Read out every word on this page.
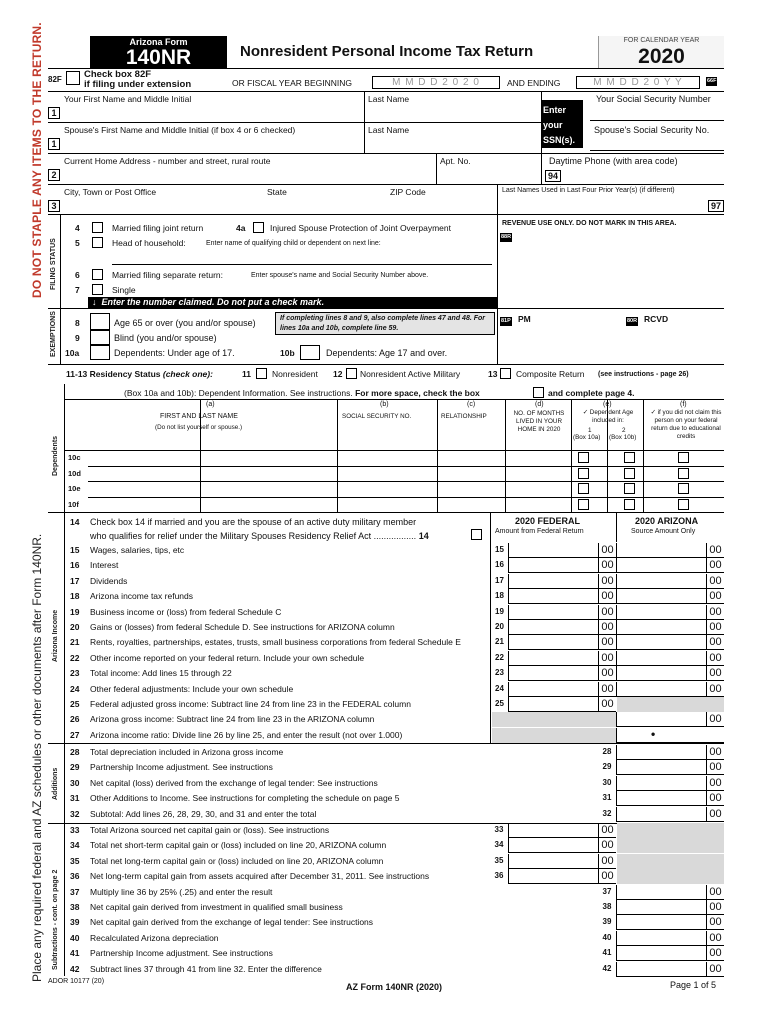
DO NOT STAPLE ANY ITEMS TO THE RETURN.
Place any required federal and AZ schedules or other documents after Form 140NR.
Arizona Form
140NR	Nonresident Personal Income Tax Return
FOR CALENDAR YEAR
2020
82F Check box 82F
if filing under extension	OR FISCAL YEAR BEGINNING	M M D D 2 0 2 0	AND ENDING	M M D D 2 0 Y Y	66F
Your First Name and Middle Initial	Last Name
Enter your SSN(s).
Your Social Security Number
1
Spouse's First Name and Middle Initial (if box 4 or 6 checked)	Last Name	Spouse's Social Security No.
1
Current Home Address - number and street, rural route	Apt. No.	Daytime Phone (with area code)
94
2
City, Town or Post Office	State	ZIP Code	Last Names Used in Last Four Prior Year(s) (if different)
97
3
FILING STATUS
4	Married filing joint return	4a	Injured Spouse Protection of Joint Overpayment
5	Head of household:	Enter name of qualifying child or dependent on next line:
6	Married filing separate return:	Enter spouse's name and Social Security Number above.
7	Single
REVENUE USE ONLY. DO NOT MARK IN THIS AREA.
88R
↓  Enter the number claimed. Do not put a check mark.
EXEMPTIONS 8	Age 65 or over (you and/or spouse)
9	Blind (you and/or spouse)
10a	Dependents: Under age of 17.	10b	Dependents: Age 17 and over.
If completing lines 8 and 9, also complete lines 47 and 48. For lines 10a and 10b, complete line 59.
81P PM	80R RCVD
11-13 Residency Status (check one):	11 Nonresident 12 Nonresident Active Military	13 Composite Return (see instructions - page 26)
Dependents
(Box 10a and 10b): Dependent Information. See instructions. For more space, check the box	and complete page 4.
(a)
FIRST AND LAST NAME
(Do not list yourself or spouse.)
(b)
SOCIAL SECURITY NO.
(c)
RELATIONSHIP
(d)
NO. OF MONTHS LIVED IN YOUR HOME IN 2020
(e)
✓ Dependent Age included in:
1	2
(Box 10a) (Box 10b)
(f)
✓ if you did not claim this person on your federal return due to educational credits
10c
10d
10e
10f
Arizona Income
14 Check box 14 if married and you are the spouse of an active duty military member
who qualifies for relief under the Military Spouses Residency Relief Act ................. 14
2020 FEDERAL
Amount from Federal Return
2020 ARIZONA
Source Amount Only
15 Wages, salaries, tips, etc	15	00	00
16 Interest	16	00	00
17 Dividends	17	00	00
18 Arizona income tax refunds	18	00	00
19 Business income or (loss) from federal Schedule C	19	00	00
20 Gains or (losses) from federal Schedule D. See instructions for ARIZONA column	20	00	00
21 Rents, royalties, partnerships, estates, trusts, small business corporations from federal Schedule E	21	00	00
22 Other income reported on your federal return. Include your own schedule	22	00	00
23 Total income: Add lines 15 through 22	23	00	00
24 Other federal adjustments: Include your own schedule	24	00	00
25 Federal adjusted gross income: Subtract line 24 from line 23 in the FEDERAL column	25	00
26 Arizona gross income: Subtract line 24 from line 23 in the ARIZONA column	00
27 Arizona income ratio: Divide line 26 by line 25, and enter the result (not over 1.000)	•
Additions
28 Total depreciation included in Arizona gross income	28	00
29 Partnership Income adjustment. See instructions	29	00
30 Net capital (loss) derived from the exchange of legal tender: See instructions	30	00
31 Other Additions to Income. See instructions for completing the schedule on page 5	31	00
32 Subtotal: Add lines 26, 28, 29, 30, and 31 and enter the total	32	00
Subtractions - cont. on page 2
33 Total Arizona sourced net capital gain or (loss). See instructions	33	00
34 Total net short-term capital gain or (loss) included on line 20, ARIZONA column	34	00
35 Total net long-term capital gain or (loss) included on line 20, ARIZONA column	35	00
36 Net long-term capital gain from assets acquired after December 31, 2011. See instructions	36	00
37 Multiply line 36 by 25% (.25) and enter the result	37	00
38 Net capital gain derived from investment in qualified small business	38	00
39 Net capital gain derived from the exchange of legal tender: See instructions	39	00
40 Recalculated Arizona depreciation	40	00
41 Partnership Income adjustment. See instructions	41	00
42 Subtract lines 37 through 41 from line 32. Enter the difference	42	00
ADOR 10177 (20)
AZ Form 140NR (2020)	Page 1 of 5
